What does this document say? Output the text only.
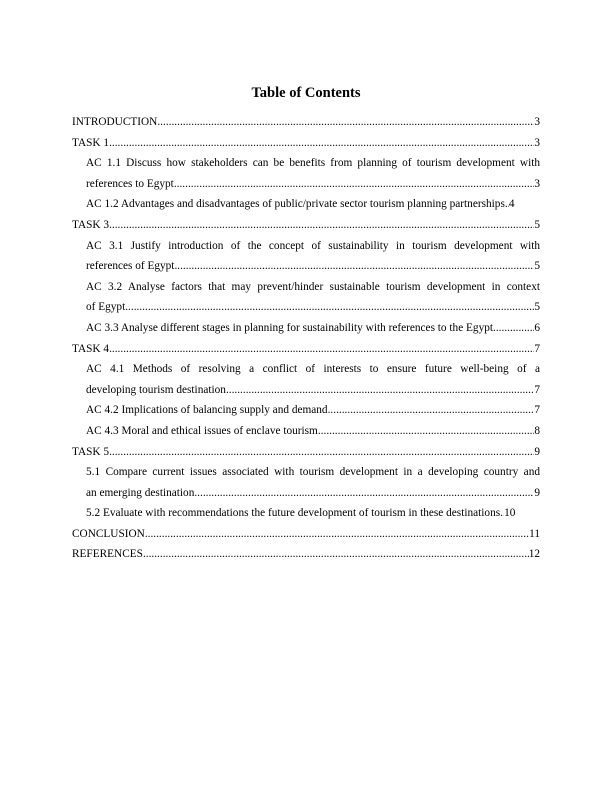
Table of Contents
INTRODUCTION .....	3
TASK 1 .....	3
AC 1.1 Discuss how stakeholders can be benefits from planning of tourism development with
references to Egypt .....	3
AC 1.2 Advantages and disadvantages of public/private sector tourism planning partnerships ..... 4
TASK 3 .....	5
AC 3.1 Justify introduction of the concept of sustainability in tourism development with
references of Egypt .....	5
AC 3.2 Analyse factors that may prevent/hinder sustainable tourism development in context
of Egypt .....	5
AC 3.3 Analyse different stages in planning for sustainability with references to the Egypt. .....	6
TASK 4 .....	7
AC 4.1 Methods of resolving a conflict of interests to ensure future well-being of a
developing tourism destination .....	7
AC 4.2 Implications of balancing supply and demand .....	7
AC 4.3 Moral and ethical issues of enclave tourism .....	8
TASK 5 .....	9
5.1 Compare current issues associated with tourism development in a developing country and
an emerging destination .....	9
5.2 Evaluate with recommendations the future development of tourism in these destinations ..... 10
CONCLUSION .....	11
REFERENCES .....	12
